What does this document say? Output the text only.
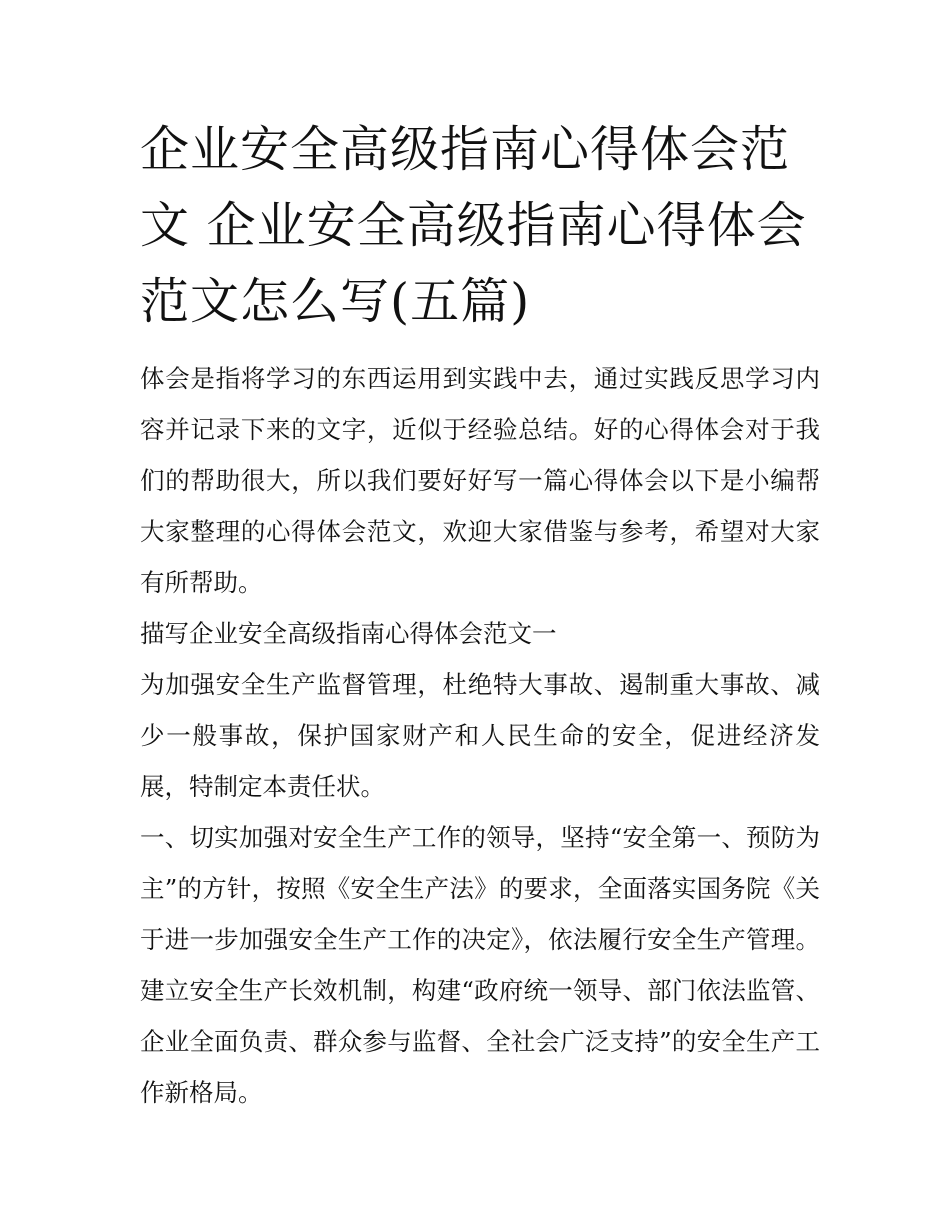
企业安全高级指南心得体会范文 企业安全高级指南心得体会范文怎么写(五篇)

体会是指将学习的东西运用到实践中去，通过实践反思学习内容并记录下来的文字，近似于经验总结。好的心得体会对于我们的帮助很大，所以我们要好好写一篇心得体会以下是小编帮大家整理的心得体会范文，欢迎大家借鉴与参考，希望对大家有所帮助。

描写企业安全高级指南心得体会范文一

为加强安全生产监督管理，杜绝特大事故、遏制重大事故、减少一般事故，保护国家财产和人民生命的安全，促进经济发展，特制定本责任状。

一、切实加强对安全生产工作的领导，坚持“安全第一、预防为主”的方针，按照《安全生产法》的要求，全面落实国务院《关于进一步加强安全生产工作的决定》，依法履行安全生产管理。建立安全生产长效机制，构建“政府统一领导、部门依法监管、企业全面负责、群众参与监督、全社会广泛支持”的安全生产工作新格局。
